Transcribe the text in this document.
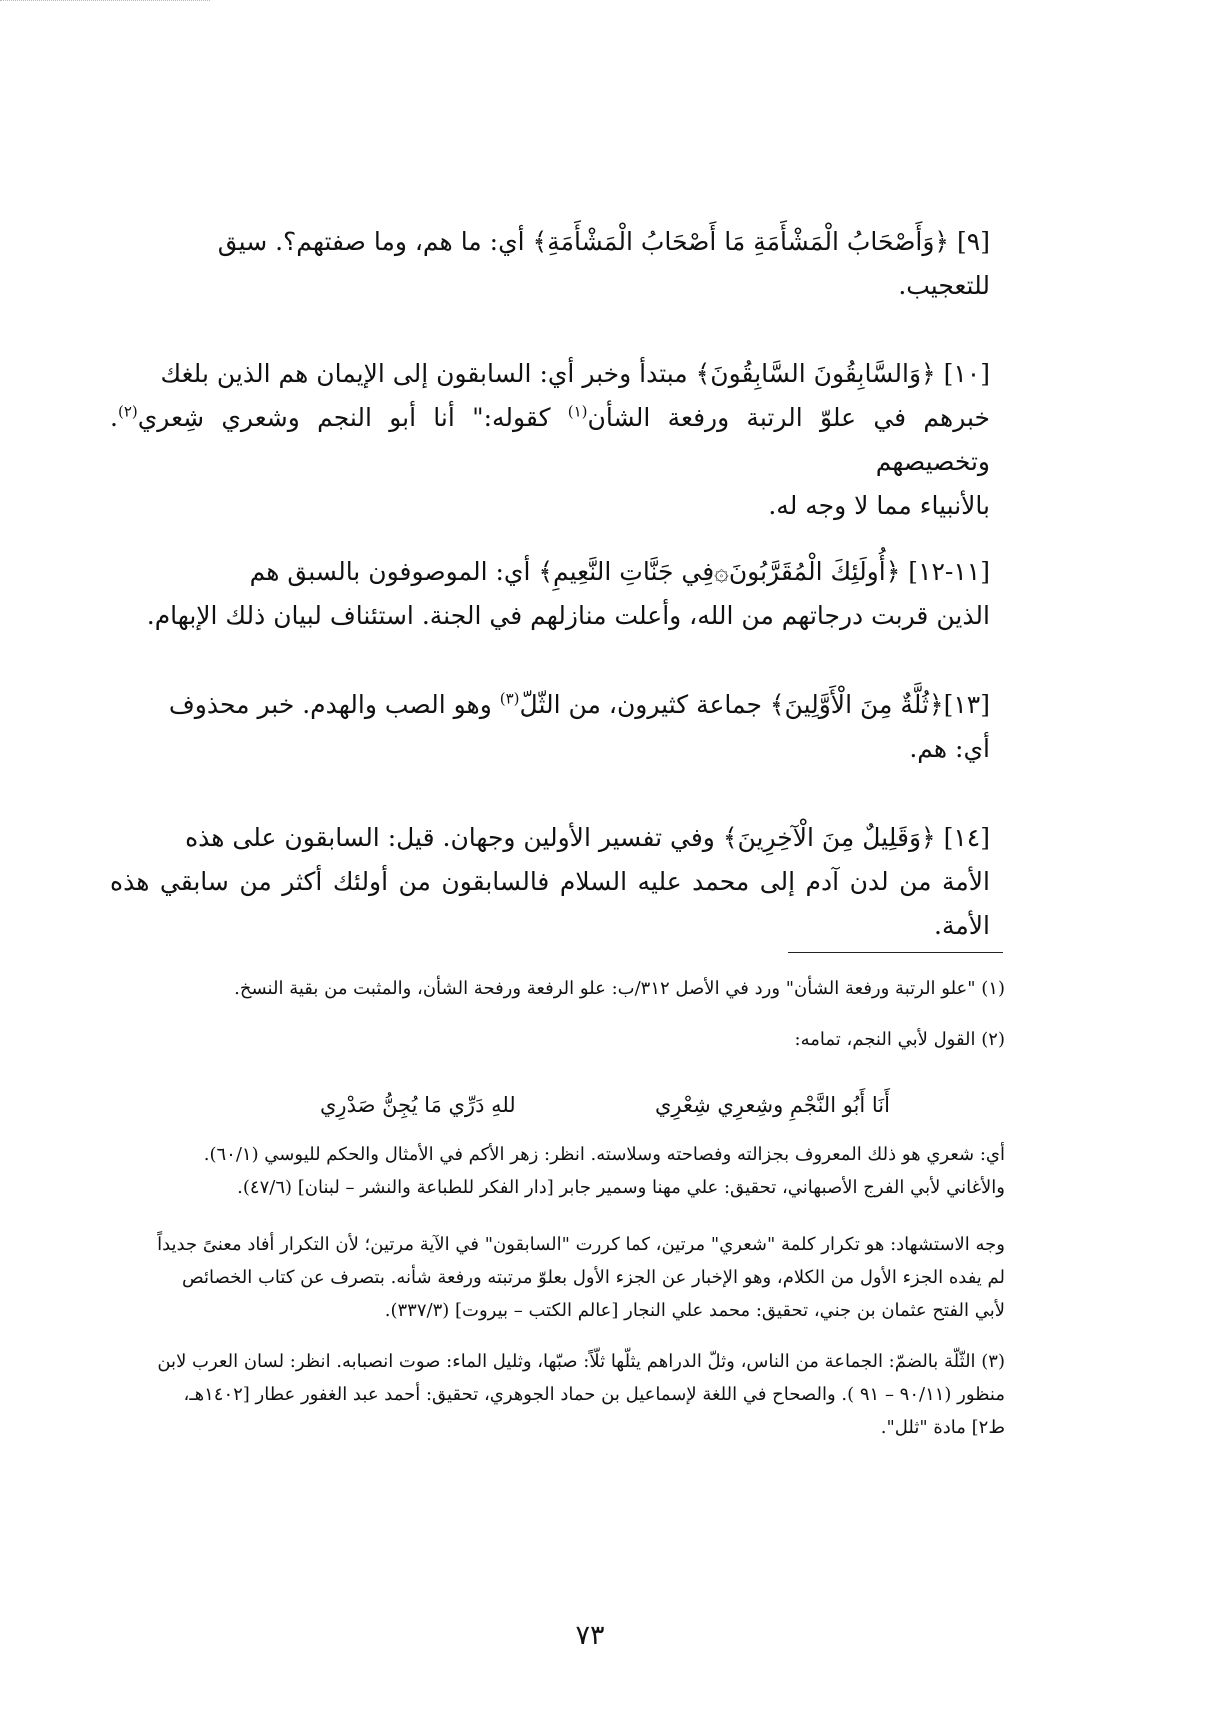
[٩] ﴿وَأَصْحَابُ الْمَشْأَمَةِ مَا أَصْحَابُ الْمَشْأَمَةِ﴾ أي: ما هم، وما صفتهم؟. سيق

للتعجيب.

[١٠] ﴿وَالسَّابِقُونَ السَّابِقُونَ﴾ مبتدأ وخبر أي: السابقون إلى الإيمان هم الذين بلغك

خبرهم في علوّ الرتبة ورفعة الشأن$^{(١)}$ كقوله:" أنا أبو النجم وشعري شِعري$^{(٢)}$. وتخصيصهم

بالأنبياء مما لا وجه له.

[١١-١٢] ﴿أُولَئِكَ الْمُقَرَّبُونَ۞فِي جَنَّاتِ النَّعِيمِ﴾ أي: الموصوفون بالسبق هم

الذين قربت درجاتهم من الله، وأعلت منازلهم في الجنة. استئناف لبيان ذلك الإبهام.

[١٣]﴿ثُلَّةٌ مِنَ الْأَوَّلِينَ﴾ جماعة كثيرون، من الثّلّ$^{(٣)}$ وهو الصب والهدم. خبر محذوف

أي: هم.

[١٤] ﴿وَقَلِيلٌ مِنَ الْآخِرِينَ﴾ وفي تفسير الأولين وجهان. قيل: السابقون على هذه

الأمة من لدن آدم إلى محمد عليه السلام فالسابقون من أولئك أكثر من سابقي هذه الأمة.

(١) "علو الرتبة ورفعة الشأن" ورد في الأصل ٣١٢/ب: علو الرفعة ورفحة الشأن، والمثبت من بقية النسخ.

(٢) القول لأبي النجم، تمامه:

أَنَا أَبُو النَّجْمِ وشِعرِي شِعْرِي
للهِ دَرِّي مَا يُجِنُّ صَدْرِي

أي: شعري هو ذلك المعروف بجزالته وفصاحته وسلاسته. انظر: زهر الأكم في الأمثال والحكم لليوسي (٦٠/١).

والأغاني لأبي الفرج الأصبهاني، تحقيق: علي مهنا وسمير جابر [دار الفكر للطباعة والنشر – لبنان] (٤٧/٦).

وجه الاستشهاد: هو تكرار كلمة "شعري" مرتين، كما كررت "السابقون" في الآية مرتين؛ لأن التكرار أفاد معنىً جديداً

لم يفده الجزء الأول من الكلام، وهو الإخبار عن الجزء الأول بعلوّ مرتبته ورفعة شأنه. بتصرف عن كتاب الخصائص

لأبي الفتح عثمان بن جني، تحقيق: محمد علي النجار [عالم الكتب – بيروت] (٣٣٧/٣).

(٣) الثّلّة بالضمّ: الجماعة من الناس، وثلّ الدراهم يثلّها ثلّاً: صبّها، وثليل الماء: صوت انصبابه. انظر: لسان العرب لابن

منظور (٩٠/١١ – ٩١ ). والصحاح في اللغة لإسماعيل بن حماد الجوهري، تحقيق: أحمد عبد الغفور عطار [١٤٠٢هـ،

ط٢] مادة "ثلل".

٧٣
